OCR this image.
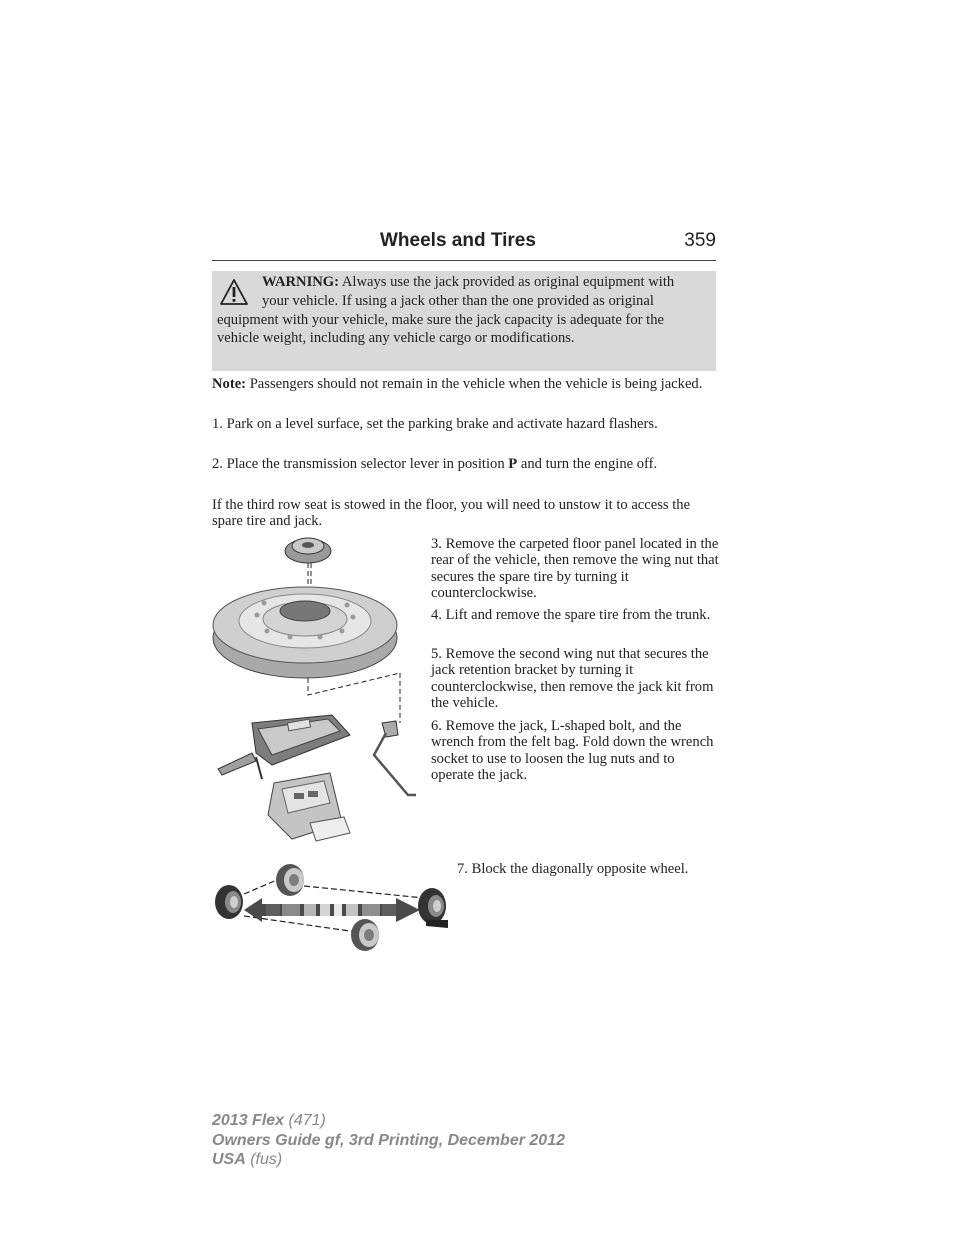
Wheels and Tires	359
WARNING: Always use the jack provided as original equipment with your vehicle. If using a jack other than the one provided as original equipment with your vehicle, make sure the jack capacity is adequate for the vehicle weight, including any vehicle cargo or modifications.

Note: Passengers should not remain in the vehicle when the vehicle is being jacked.

1. Park on a level surface, set the parking brake and activate hazard flashers.

2. Place the transmission selector lever in position P and turn the engine off.

If the third row seat is stowed in the floor, you will need to unstow it to access the spare tire and jack.

3. Remove the carpeted floor panel located in the rear of the vehicle, then remove the wing nut that secures the spare tire by turning it counterclockwise.

4. Lift and remove the spare tire from the trunk.

5. Remove the second wing nut that secures the jack retention bracket by turning it counterclockwise, then remove the jack kit from the vehicle.

6. Remove the jack, L-shaped bolt, and the wrench from the felt bag. Fold down the wrench socket to use to loosen the lug nuts and to operate the jack.

7. Block the diagonally opposite wheel.

2013 Flex (471)
Owners Guide gf, 3rd Printing, December 2012
USA (fus)
